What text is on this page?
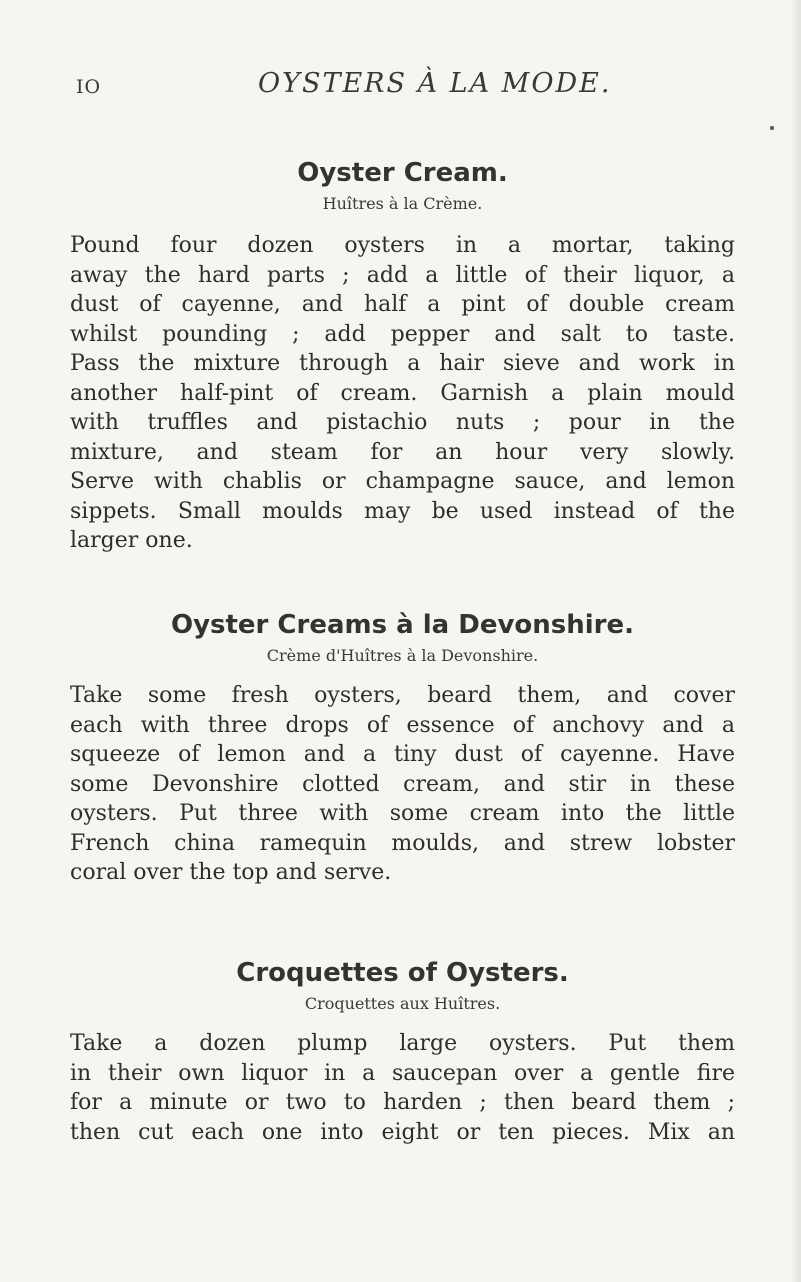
IO	OYSTERS À LA MODE.
Oyster Cream.
Huîtres à la Crème.
Pound four dozen oysters in a mortar, taking
away the hard parts ; add a little of their liquor, a
dust of cayenne, and half a pint of double cream
whilst pounding ; add pepper and salt to taste.
Pass the mixture through a hair sieve and work in
another half-pint of cream. Garnish a plain mould
with truffles and pistachio nuts ; pour in the
mixture, and steam for an hour very slowly.
Serve with chablis or champagne sauce, and lemon
sippets. Small moulds may be used instead of the
larger one.
Oyster Creams à la Devonshire.
Crème d'Huîtres à la Devonshire.
Take some fresh oysters, beard them, and cover
each with three drops of essence of anchovy and a
squeeze of lemon and a tiny dust of cayenne. Have
some Devonshire clotted cream, and stir in these
oysters. Put three with some cream into the little
French china ramequin moulds, and strew lobster
coral over the top and serve.
Croquettes of Oysters.
Croquettes aux Huîtres.
Take a dozen plump large oysters. Put them
in their own liquor in a saucepan over a gentle fire
for a minute or two to harden ; then beard them ;
then cut each one into eight or ten pieces. Mix an
